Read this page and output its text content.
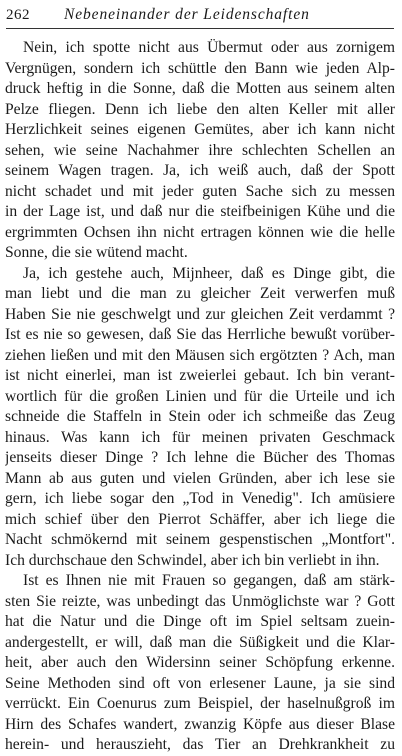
262 Nebeneinander der Leidenschaften
Nein, ich spotte nicht aus Übermut oder aus zornigem
Vergnügen, sondern ich schüttle den Bann wie jeden Alp-
druck heftig in die Sonne, daß die Motten aus seinem alten
Pelze fliegen. Denn ich liebe den alten Keller mit aller
Herzlichkeit seines eigenen Gemütes, aber ich kann nicht
sehen, wie seine Nachahmer ihre schlechten Schellen an
seinem Wagen tragen. Ja, ich weiß auch, daß der Spott
nicht schadet und mit jeder guten Sache sich zu messen
in der Lage ist, und daß nur die steifbeinigen Kühe und die
ergrimmten Ochsen ihn nicht ertragen können wie die helle
Sonne, die sie wütend macht.
Ja, ich gestehe auch, Mijnheer, daß es Dinge gibt, die
man liebt und die man zu gleicher Zeit verwerfen muß
Haben Sie nie geschwelgt und zur gleichen Zeit verdammt ?
Ist es nie so gewesen, daß Sie das Herrliche bewußt vorüber-
ziehen ließen und mit den Mäusen sich ergötzten ? Ach, man
ist nicht einerlei, man ist zweierlei gebaut. Ich bin verant-
wortlich für die großen Linien und für die Urteile und ich
schneide die Staffeln in Stein oder ich schmeiße das Zeug
hinaus. Was kann ich für meinen privaten Geschmack
jenseits dieser Dinge ? Ich lehne die Bücher des Thomas
Mann ab aus guten und vielen Gründen, aber ich lese sie
gern, ich liebe sogar den „Tod in Venedig". Ich amüsiere
mich schief über den Pierrot Schäffer, aber ich liege die
Nacht schmökernd mit seinem gespenstischen „Montfort".
Ich durchschaue den Schwindel, aber ich bin verliebt in ihn.
Ist es Ihnen nie mit Frauen so gegangen, daß am stärk-
sten Sie reizte, was unbedingt das Unmöglichste war ? Gott
hat die Natur und die Dinge oft im Spiel seltsam zuein-
andergestellt, er will, daß man die Süßigkeit und die Klar-
heit, aber auch den Widersinn seiner Schöpfung erkenne.
Seine Methoden sind oft von erlesener Laune, ja sie sind
verrückt. Ein Coenurus zum Beispiel, der haselnußgroß im
Hirn des Schafes wandert, zwanzig Köpfe aus dieser Blase
herein- und herauszieht, das Tier an Drehkrankheit zu
